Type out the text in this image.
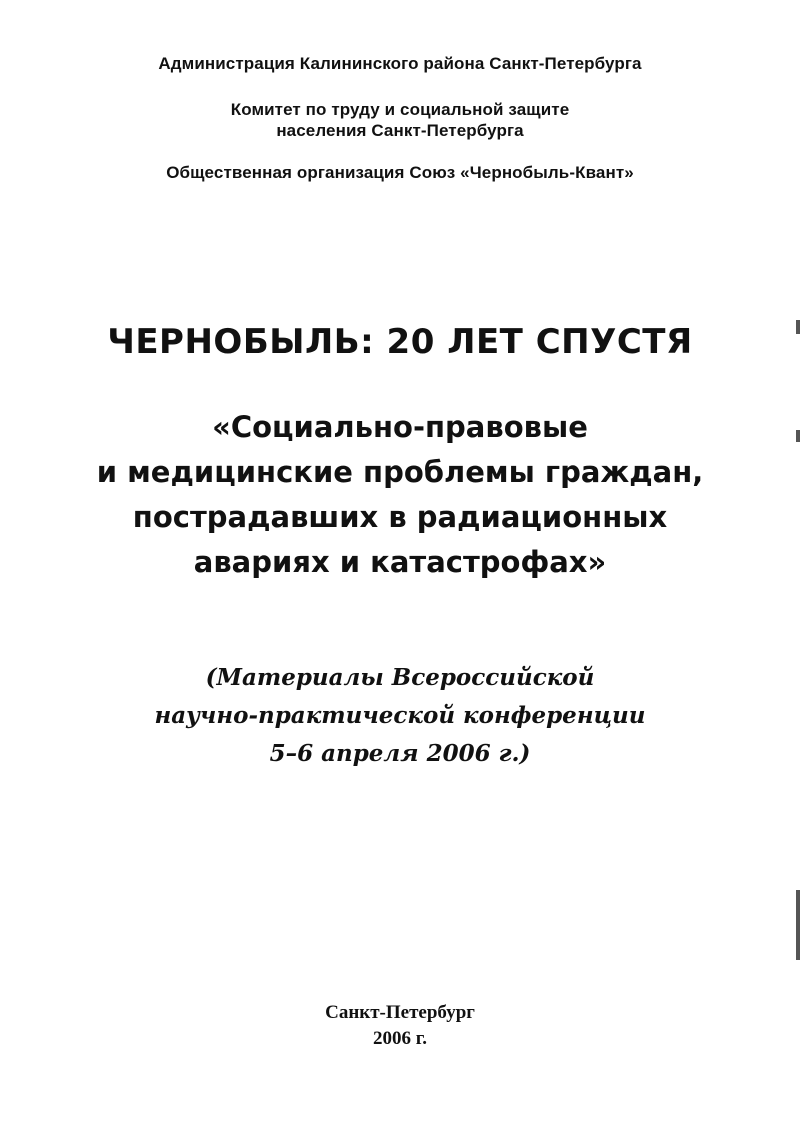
Администрация Калининского района Санкт-Петербурга
Комитет по труду и социальной защите
населения Санкт-Петербурга
Общественная организация Союз «Чернобыль-Квант»
ЧЕРНОБЫЛЬ: 20 ЛЕТ СПУСТЯ
«Социально-правовые
и медицинские проблемы граждан,
пострадавших в радиационных
авариях и катастрофах»
(Материалы Всероссийской
научно-практической конференции
5–6 апреля 2006 г.)
Санкт-Петербург
2006 г.
